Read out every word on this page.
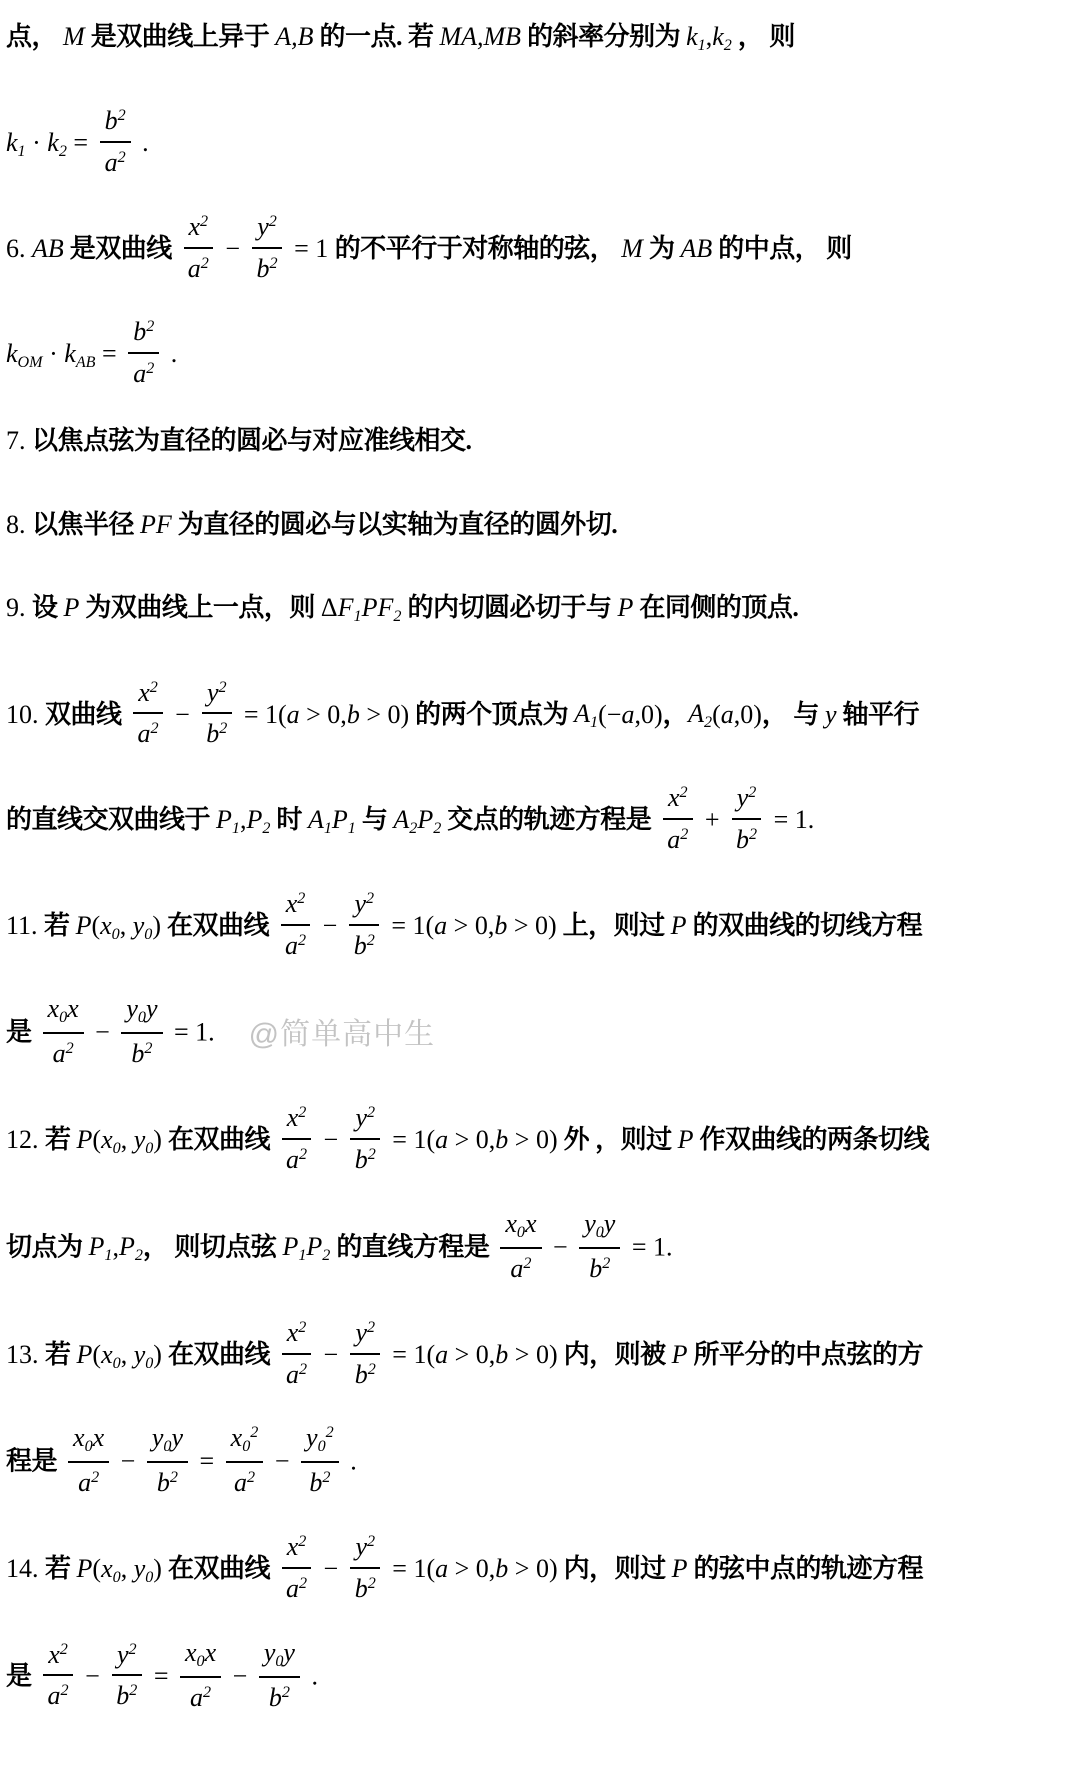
点， M 是双曲线上异于 A,B 的一点. 若 MA,MB 的斜率分别为 $k_1,k_2$ ， 则
$k_1 \cdot k_2 = \frac{b^2}{a^2}$ .
6. AB 是双曲线 $\frac{x^2}{a^2} - \frac{y^2}{b^2} = 1$ 的不平行于对称轴的弦， M 为 AB 的中点， 则
$k_{OM} \cdot k_{AB} = \frac{b^2}{a^2}$ .
7. 以焦点弦为直径的圆必与对应准线相交.
8. 以焦半径 PF 为直径的圆必与以实轴为直径的圆外切.
9. 设 P 为双曲线上一点，则 $\Delta F_1PF_2$ 的内切圆必切于与 P 在同侧的顶点.
10. 双曲线 $\frac{x^2}{a^2} - \frac{y^2}{b^2} = 1(a > 0,b > 0)$ 的两个顶点为 $A_1(-a,0)$，$A_2(a,0)$， 与 y 轴平行
的直线交双曲线于 $P_1,P_2$ 时 $A_1P_1$ 与 $A_2P_2$ 交点的轨迹方程是 $\frac{x^2}{a^2} + \frac{y^2}{b^2} = 1$.
11. 若 $P(x_0$, $y_0$) 在双曲线 $\frac{x^2}{a^2} - \frac{y^2}{b^2} = 1(a > 0,b > 0)$ 上，则过 P 的双曲线的切线方程
是 $\frac{x_0x}{a^2} - \frac{y_0y}{b^2} = 1$. @简单高中生
12. 若 $P(x_0$, $y_0$) 在双曲线 $\frac{x^2}{a^2} - \frac{y^2}{b^2} = 1(a > 0,b > 0)$ 外 ，则过 P 作双曲线的两条切线
切点为 $P_1,P_2$， 则切点弦 $P_1P_2$ 的直线方程是 $\frac{x_0x}{a^2} - \frac{y_0y}{b^2} = 1$.
13. 若 $P(x_0$, $y_0$) 在双曲线 $\frac{x^2}{a^2} - \frac{y^2}{b^2} = 1(a > 0,b > 0)$ 内，则被 P 所平分的中点弦的方
程是 $\frac{x_0x}{a^2} - \frac{y_0y}{b^2} = \frac{x_0^2}{a^2} - \frac{y_0^2}{b^2}$ .
14. 若 $P(x_0$, $y_0$) 在双曲线 $\frac{x^2}{a^2} - \frac{y^2}{b^2} = 1(a > 0,b > 0)$ 内，则过 P 的弦中点的轨迹方程
是 $\frac{x^2}{a^2} - \frac{y^2}{b^2} = \frac{x_0x}{a^2} - \frac{y_0y}{b^2}$ .
